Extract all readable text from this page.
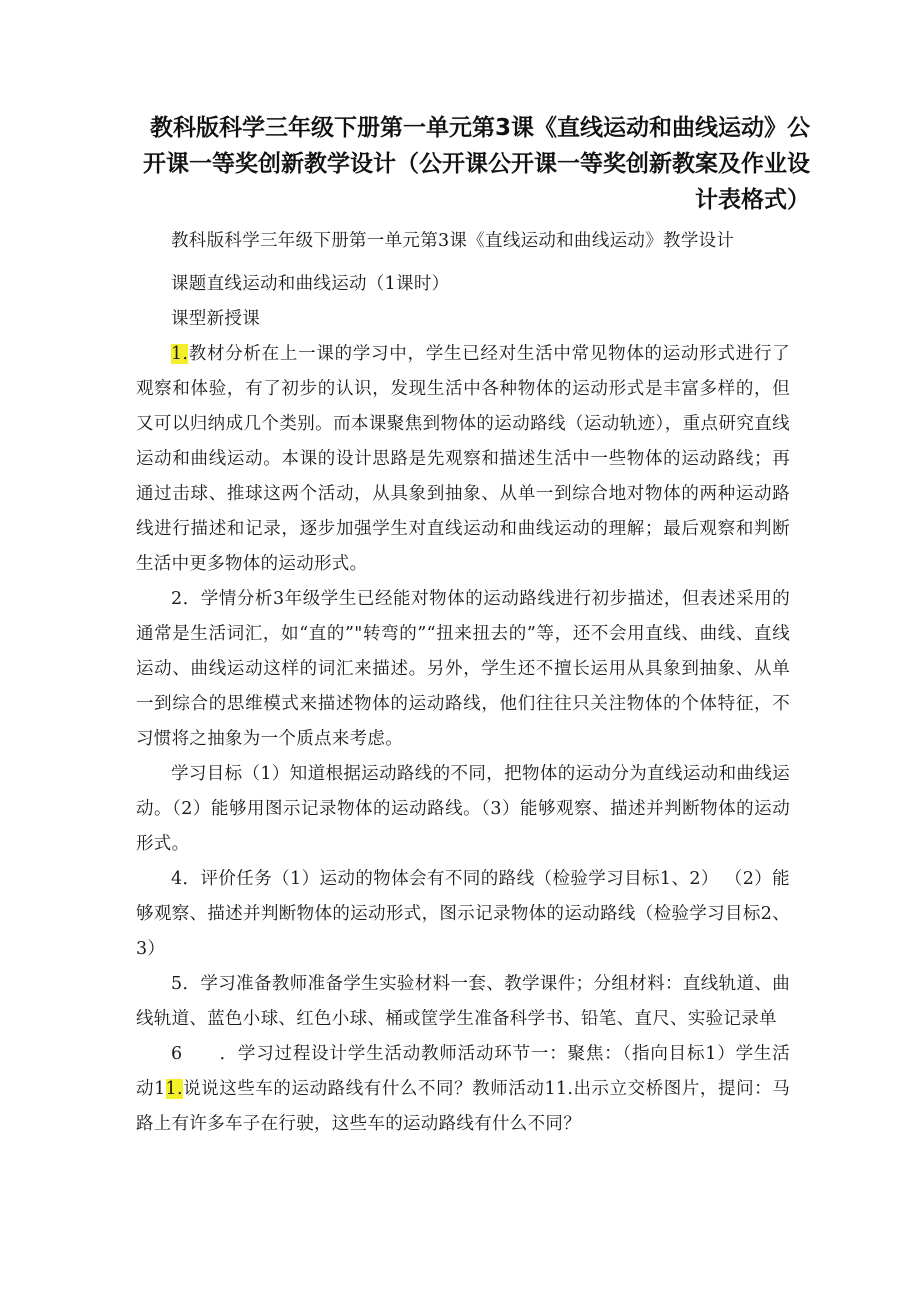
教科版科学三年级下册第一单元第3课《直线运动和曲线运动》公开课一等奖创新教学设计（公开课公开课一等奖创新教案及作业设计表格式）

教科版科学三年级下册第一单元第3课《直线运动和曲线运动》教学设计

课题直线运动和曲线运动（1课时）

课型新授课

1.教材分析在上一课的学习中，学生已经对生活中常见物体的运动形式进行了观察和体验，有了初步的认识，发现生活中各种物体的运动形式是丰富多样的，但又可以归纳成几个类别。而本课聚焦到物体的运动路线（运动轨迹），重点研究直线运动和曲线运动。本课的设计思路是先观察和描述生活中一些物体的运动路线；再通过击球、推球这两个活动，从具象到抽象、从单一到综合地对物体的两种运动路线进行描述和记录，逐步加强学生对直线运动和曲线运动的理解；最后观察和判断生活中更多物体的运动形式。

2．学情分析3年级学生已经能对物体的运动路线进行初步描述，但表述采用的通常是生活词汇，如“直的”"转弯的”“扭来扭去的”等，还不会用直线、曲线、直线运动、曲线运动这样的词汇来描述。另外，学生还不擅长运用从具象到抽象、从单一到综合的思维模式来描述物体的运动路线，他们往往只关注物体的个体特征，不习惯将之抽象为一个质点来考虑。

学习目标（1）知道根据运动路线的不同，把物体的运动分为直线运动和曲线运动。（2）能够用图示记录物体的运动路线。（3）能够观察、描述并判断物体的运动形式。

4．评价任务（1）运动的物体会有不同的路线（检验学习目标1、2） （2）能够观察、描述并判断物体的运动形式，图示记录物体的运动路线（检验学习目标2、3）

5．学习准备教师准备学生实验材料一套、教学课件；分组材料：直线轨道、曲线轨道、蓝色小球、红色小球、桶或筐学生准备科学书、铅笔、直尺、实验记录单

6　　．学习过程设计学生活动教师活动环节一：聚焦：（指向目标1）学生活动11.说说这些车的运动路线有什么不同？教师活动11.出示立交桥图片，提问：马路上有许多车子在行驶，这些车的运动路线有什么不同？
